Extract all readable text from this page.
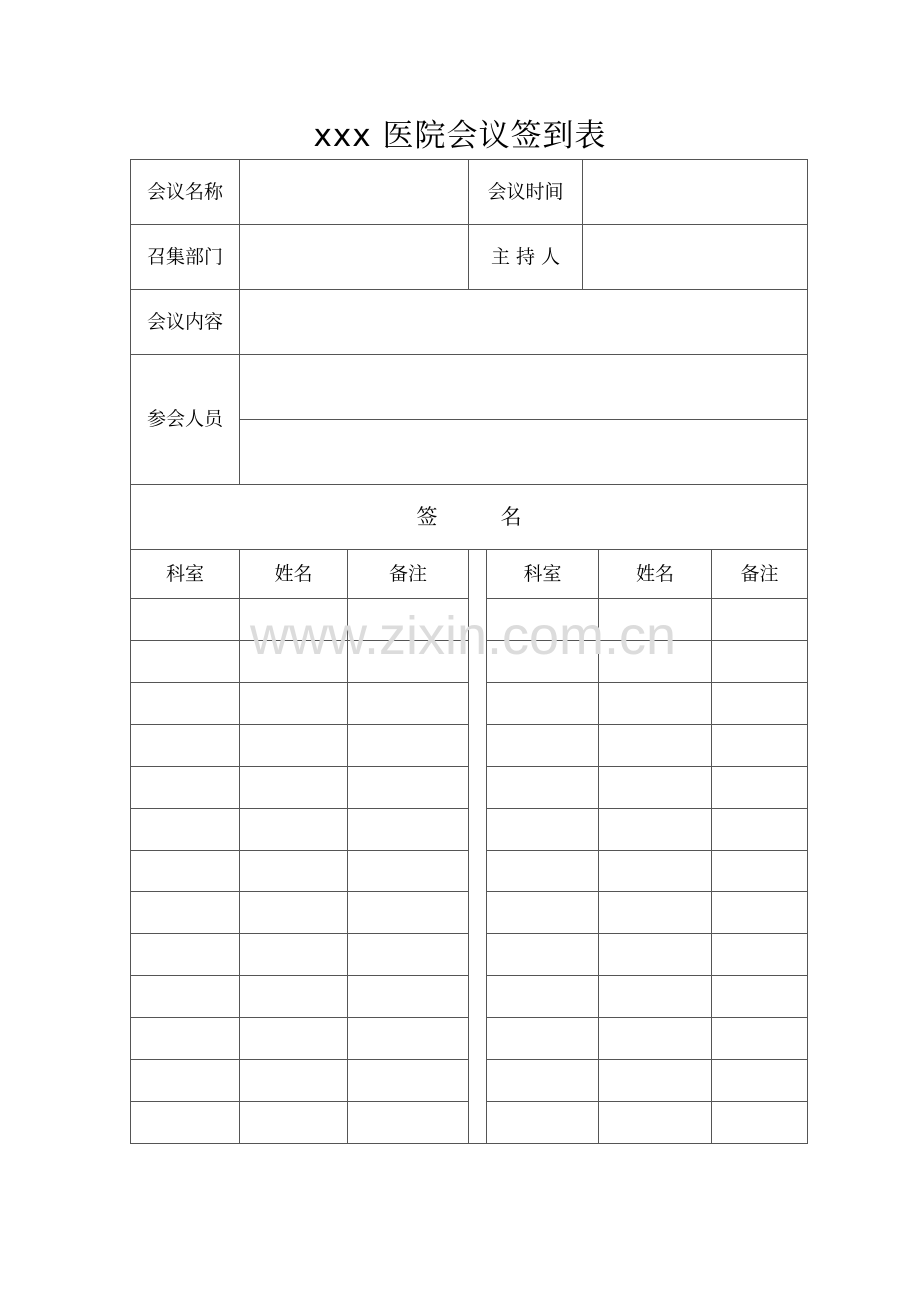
xxx 医院会议签到表
会议名称	会议时间
召集部门	主 持 人
会议内容
参会人员
签　　　名
科室	姓名	备注	科室	姓名	备注
www.zixin.com.cn
